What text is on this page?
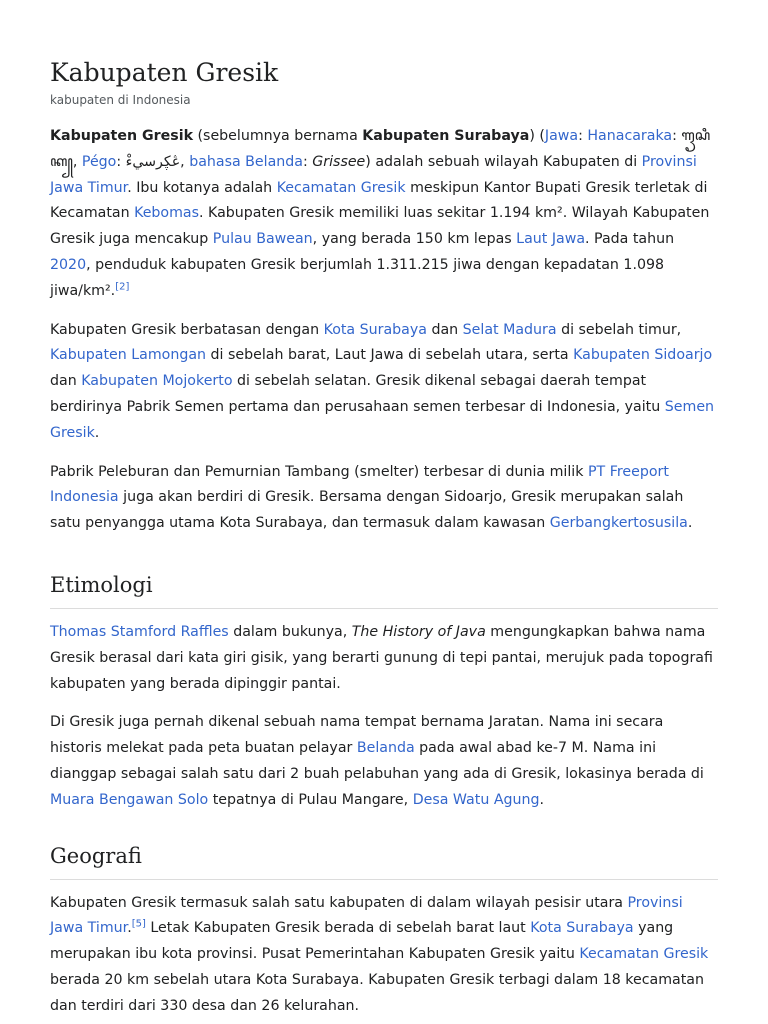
Kabupaten Gresik
kabupaten di Indonesia

Kabupaten Gresik (sebelumnya bernama Kabupaten Surabaya) (Jawa: Hanacaraka: ꦒꦽꦱꦶꦏ꧀, Pégo: ڠڮرسيءْ, bahasa Belanda: Grissee) adalah sebuah wilayah Kabupaten di Provinsi Jawa Timur. Ibu kotanya adalah Kecamatan Gresik meskipun Kantor Bupati Gresik terletak di Kecamatan Kebomas. Kabupaten Gresik memiliki luas sekitar 1.194 km². Wilayah Kabupaten Gresik juga mencakup Pulau Bawean, yang berada 150 km lepas Laut Jawa. Pada tahun 2020, penduduk kabupaten Gresik berjumlah 1.311.215 jiwa dengan kepadatan 1.098 jiwa/km².[2]

Kabupaten Gresik berbatasan dengan Kota Surabaya dan Selat Madura di sebelah timur, Kabupaten Lamongan di sebelah barat, Laut Jawa di sebelah utara, serta Kabupaten Sidoarjo dan Kabupaten Mojokerto di sebelah selatan. Gresik dikenal sebagai daerah tempat berdirinya Pabrik Semen pertama dan perusahaan semen terbesar di Indonesia, yaitu Semen Gresik.

Pabrik Peleburan dan Pemurnian Tambang (smelter) terbesar di dunia milik PT Freeport Indonesia juga akan berdiri di Gresik. Bersama dengan Sidoarjo, Gresik merupakan salah satu penyangga utama Kota Surabaya, dan termasuk dalam kawasan Gerbangkertosusila.

Etimologi

Thomas Stamford Raffles dalam bukunya, The History of Java mengungkapkan bahwa nama Gresik berasal dari kata giri gisik, yang berarti gunung di tepi pantai, merujuk pada topografi kabupaten yang berada dipinggir pantai.

Di Gresik juga pernah dikenal sebuah nama tempat bernama Jaratan. Nama ini secara historis melekat pada peta buatan pelayar Belanda pada awal abad ke-7 M. Nama ini dianggap sebagai salah satu dari 2 buah pelabuhan yang ada di Gresik, lokasinya berada di Muara Bengawan Solo tepatnya di Pulau Mangare, Desa Watu Agung.

Geografi

Kabupaten Gresik termasuk salah satu kabupaten di dalam wilayah pesisir utara Provinsi Jawa Timur.[5] Letak Kabupaten Gresik berada di sebelah barat laut Kota Surabaya yang merupakan ibu kota provinsi. Pusat Pemerintahan Kabupaten Gresik yaitu Kecamatan Gresik berada 20 km sebelah utara Kota Surabaya. Kabupaten Gresik terbagi dalam 18 kecamatan dan terdiri dari 330 desa dan 26 kelurahan.
